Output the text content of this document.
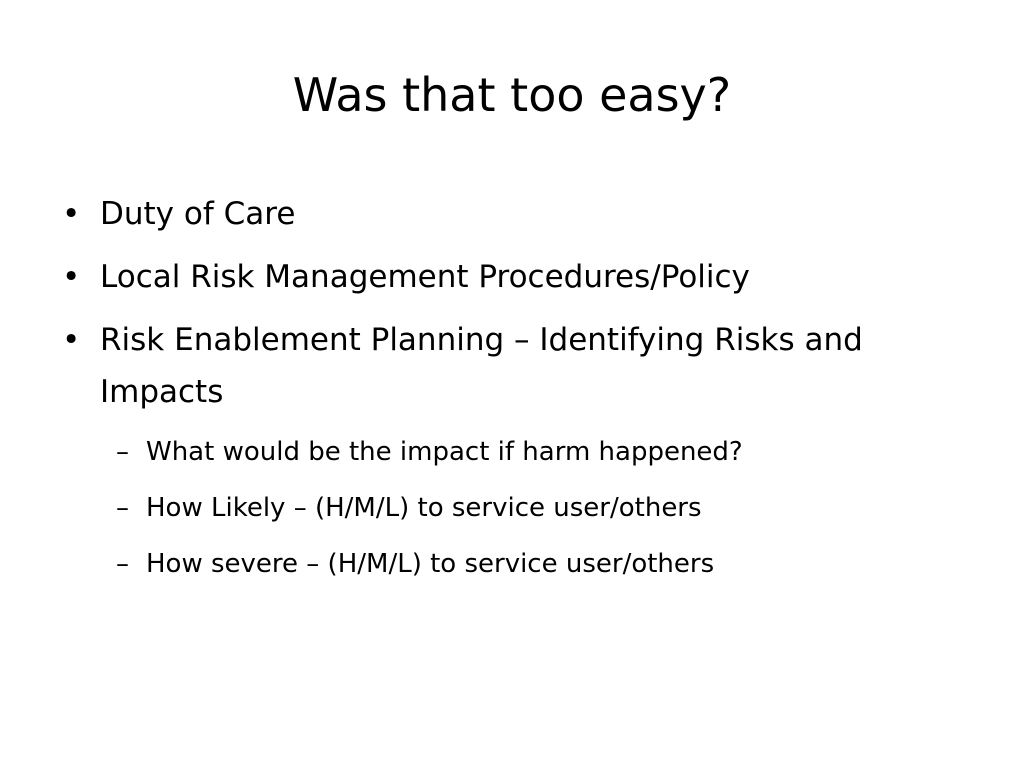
Was that too easy?
• Duty of Care
• Local Risk Management Procedures/Policy
• Risk Enablement Planning – Identifying Risks and Impacts
– What would be the impact if harm happened?
– How Likely – (H/M/L) to service user/others
– How severe – (H/M/L) to service user/others
